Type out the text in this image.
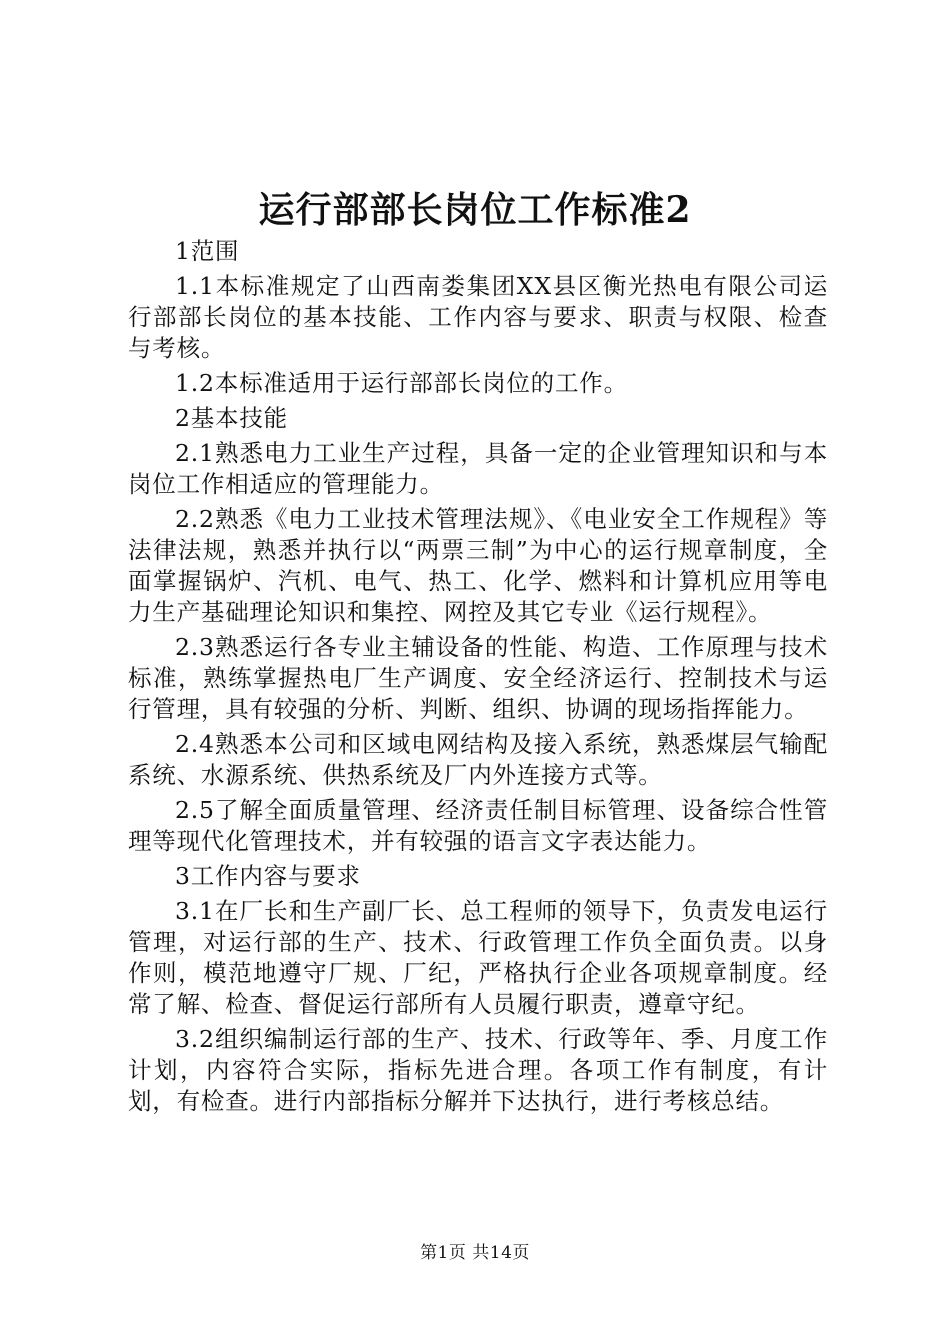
运行部部长岗位工作标准2

1范围

1.1本标准规定了山西南娄集团XX县区衡光热电有限公司运行部部长岗位的基本技能、工作内容与要求、职责与权限、检查与考核。

1.2本标准适用于运行部部长岗位的工作。

2基本技能

2.1熟悉电力工业生产过程，具备一定的企业管理知识和与本岗位工作相适应的管理能力。

2.2熟悉《电力工业技术管理法规》、《电业安全工作规程》等法律法规，熟悉并执行以“两票三制”为中心的运行规章制度，全面掌握锅炉、汽机、电气、热工、化学、燃料和计算机应用等电力生产基础理论知识和集控、网控及其它专业《运行规程》。

2.3熟悉运行各专业主辅设备的性能、构造、工作原理与技术标准，熟练掌握热电厂生产调度、安全经济运行、控制技术与运行管理，具有较强的分析、判断、组织、协调的现场指挥能力。

2.4熟悉本公司和区域电网结构及接入系统，熟悉煤层气输配系统、水源系统、供热系统及厂内外连接方式等。

2.5了解全面质量管理、经济责任制目标管理、设备综合性管理等现代化管理技术，并有较强的语言文字表达能力。

3工作内容与要求

3.1在厂长和生产副厂长、总工程师的领导下，负责发电运行管理，对运行部的生产、技术、行政管理工作负全面负责。以身作则，模范地遵守厂规、厂纪，严格执行企业各项规章制度。经常了解、检查、督促运行部所有人员履行职责，遵章守纪。

3.2组织编制运行部的生产、技术、行政等年、季、月度工作计划，内容符合实际，指标先进合理。各项工作有制度，有计划，有检查。进行内部指标分解并下达执行，进行考核总结。

第1页 共14页
